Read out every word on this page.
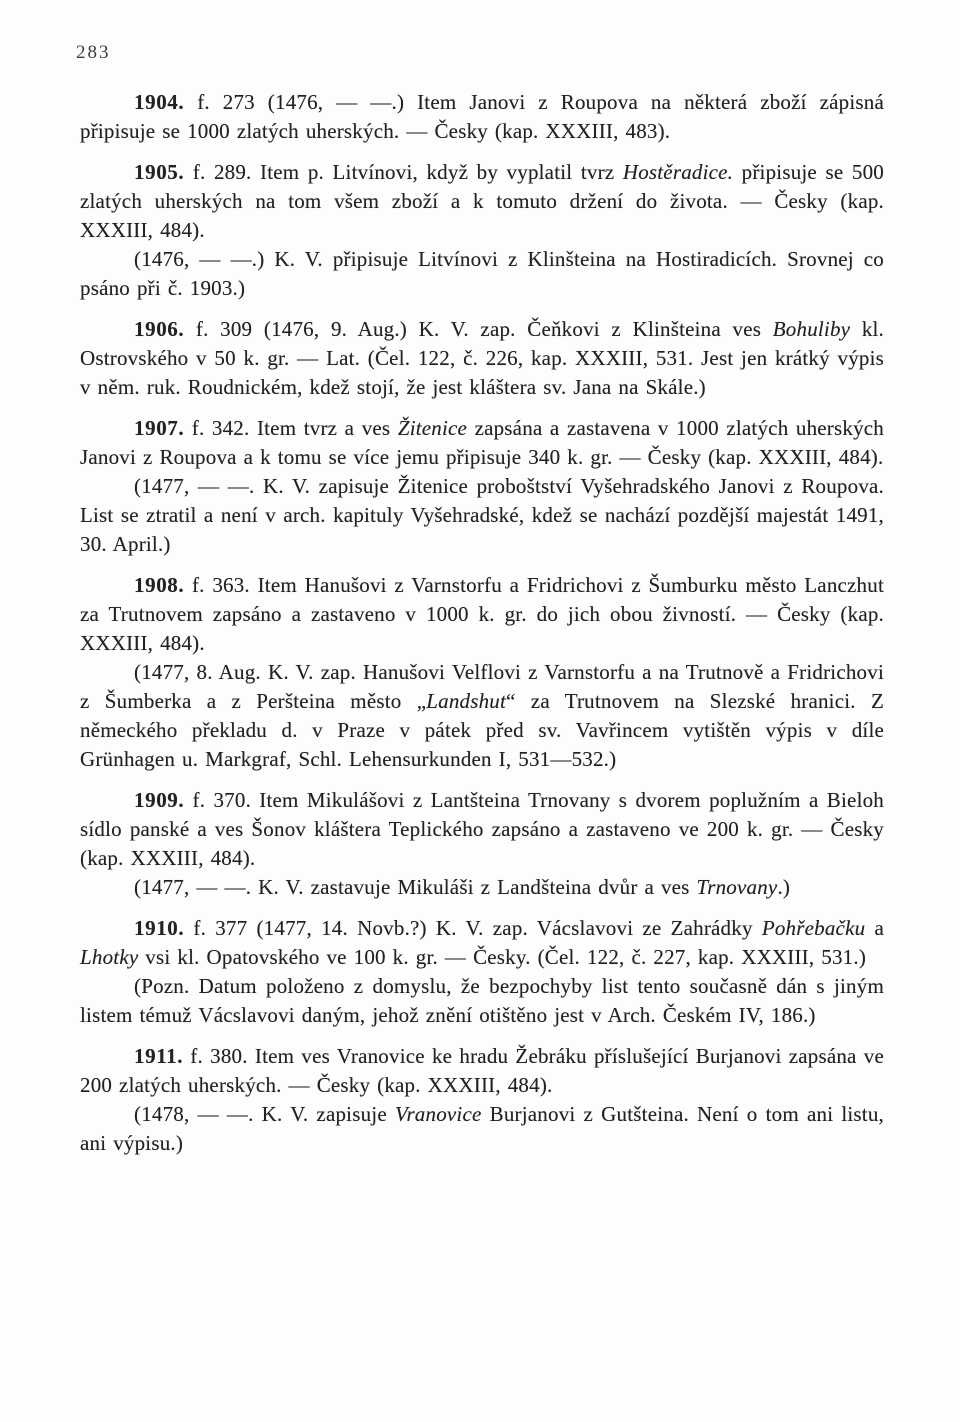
283

1904. f. 273 (1476, — —.) Item Janovi z Roupova na některá zboží zápisná připisuje se 1000 zlatých uherských. — Česky (kap. XXXIII, 483).

1905. f. 289. Item p. Litvínovi, když by vyplatil tvrz Hostěradice. připisuje se 500 zlatých uherských na tom všem zboží a k tomuto držení do života. — Česky (kap. XXXIII, 484).

(1476, — —.) K. V. připisuje Litvínovi z Klinšteina na Hostiradicích. Srovnej co psáno při č. 1903.)

1906. f. 309 (1476, 9. Aug.) K. V. zap. Čeňkovi z Klinšteina ves Bohuliby kl. Ostrovského v 50 k. gr. — Lat. (Čel. 122, č. 226, kap. XXXIII, 531. Jest jen krátký výpis v něm. ruk. Roudnickém, kdež stojí, že jest kláštera sv. Jana na Skále.)

1907. f. 342. Item tvrz a ves Žitenice zapsána a zastavena v 1000 zlatých uherských Janovi z Roupova a k tomu se více jemu připisuje 340 k. gr. — Česky (kap. XXXIII, 484).

(1477, — —. K. V. zapisuje Žitenice proboštství Vyšehradského Janovi z Roupova. List se ztratil a není v arch. kapituly Vyšehradské, kdež se nachází pozdější majestát 1491, 30. April.)

1908. f. 363. Item Hanušovi z Varnstorfu a Fridrichovi z Šumburku město Lanczhut za Trutnovem zapsáno a zastaveno v 1000 k. gr. do jich obou živností. — Česky (kap. XXXIII, 484).

(1477, 8. Aug. K. V. zap. Hanušovi Velflovi z Varnstorfu a na Trutnově a Fridrichovi z Šumberka a z Peršteina město „Landshut“ za Trutnovem na Slezské hranici. Z německého překladu d. v Praze v pátek před sv. Vavřincem vytištěn výpis v díle Grünhagen u. Markgraf, Schl. Lehensurkunden I, 531—532.)

1909. f. 370. Item Mikulášovi z Lantšteina Trnovany s dvorem poplužním a Bieloh sídlo panské a ves Šonov kláštera Teplického zapsáno a zastaveno ve 200 k. gr. — Česky (kap. XXXIII, 484).

(1477, — —. K. V. zastavuje Mikuláši z Landšteina dvůr a ves Trnovany.)

1910. f. 377 (1477, 14. Novb.?) K. V. zap. Vácslavovi ze Zahrádky Pohřebačku a Lhotky vsi kl. Opatovského ve 100 k. gr. — Česky. (Čel. 122, č. 227, kap. XXXIII, 531.)

(Pozn. Datum položeno z domyslu, že bezpochyby list tento současně dán s jiným listem témuž Vácslavovi daným, jehož znění otištěno jest v Arch. Českém IV, 186.)

1911. f. 380. Item ves Vranovice ke hradu Žebráku příslušející Burjanovi zapsána ve 200 zlatých uherských. — Česky (kap. XXXIII, 484).

(1478, — —. K. V. zapisuje Vranovice Burjanovi z Gutšteina. Není o tom ani listu, ani výpisu.)
